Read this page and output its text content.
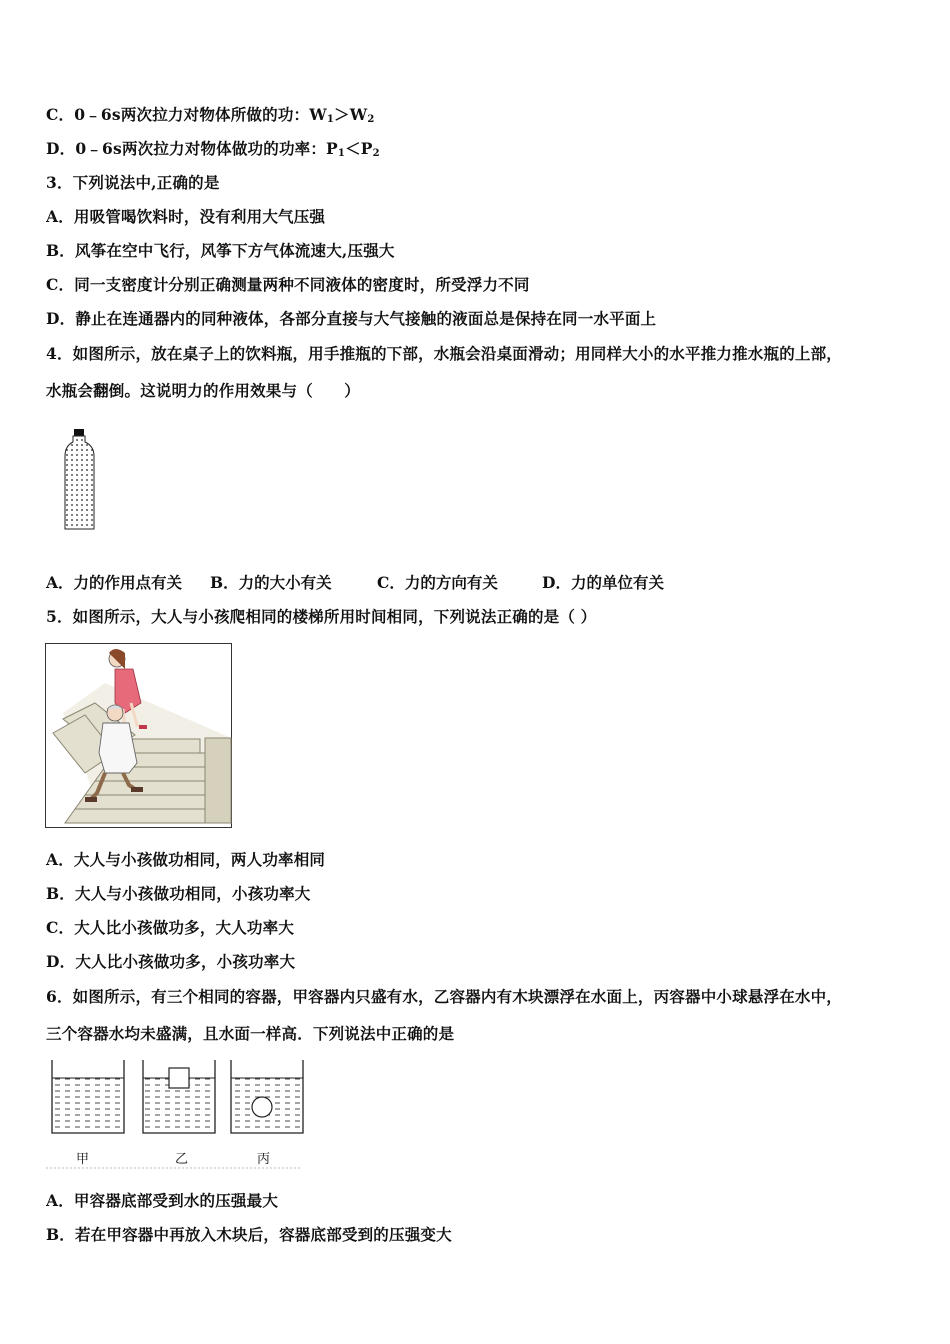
C．0﹣6s两次拉力对物体所做的功：$W_1>W_2$
D．0﹣6s两次拉力对物体做功的功率：$P_1<P_2$
3．下列说法中,正确的是
A．用吸管喝饮料时，没有利用大气压强
B．风筝在空中飞行，风筝下方气体流速大,压强大
C．同一支密度计分别正确测量两种不同液体的密度时，所受浮力不同
D．静止在连通器内的同种液体，各部分直接与大气接触的液面总是保持在同一水平面上
4．如图所示，放在桌子上的饮料瓶，用手推瓶的下部，水瓶会沿桌面滑动；用同样大小的水平推力推水瓶的上部，
水瓶会翻倒。这说明力的作用效果与（　　）
A．力的作用点有关 B．力的大小有关	C．力的方向有关	D．力的单位有关
5．如图所示，大人与小孩爬相同的楼梯所用时间相同，下列说法正确的是（ ）
A．大人与小孩做功相同，两人功率相同
B．大人与小孩做功相同，小孩功率大
C．大人比小孩做功多，大人功率大
D．大人比小孩做功多，小孩功率大
6．如图所示，有三个相同的容器，甲容器内只盛有水，乙容器内有木块漂浮在水面上，丙容器中小球悬浮在水中，
三个容器水均未盛满，且水面一样高．下列说法中正确的是
甲	乙	丙
A．甲容器底部受到水的压强最大
B．若在甲容器中再放入木块后，容器底部受到的压强变大
